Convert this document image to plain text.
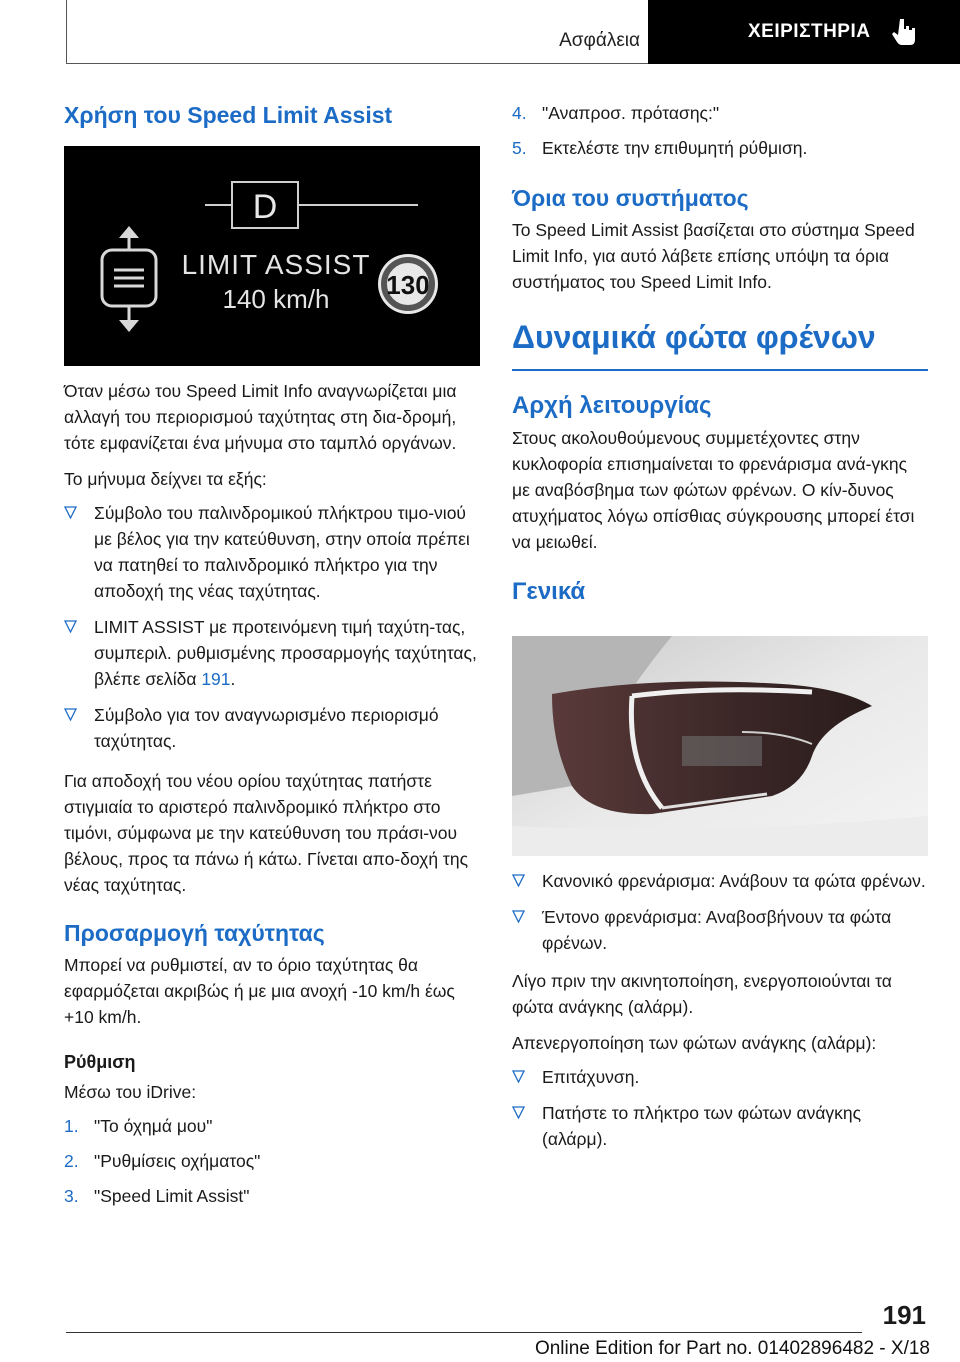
Ασφάλεια	ΧΕΙΡΙΣΤΗΡΙΑ
Χρήση του Speed Limit Assist
D
LIMIT ASSIST
140 km/h 130

Όταν μέσω του Speed Limit Info αναγνωρίζεται μια αλλαγή του περιορισμού ταχύτητας στη δια-δρομή, τότε εμφανίζεται ένα μήνυμα στο ταμπλό οργάνων.

Το μήνυμα δείχνει τα εξής:

Σύμβολο του παλινδρομικού πλήκτρου τιμο-νιού με βέλος για την κατεύθυνση, στην οποία πρέπει να πατηθεί το παλινδρομικό πλήκτρο για την αποδοχή της νέας ταχύτητας.
LIMIT ASSIST με προτεινόμενη τιμή ταχύτη-τας, συμπεριλ. ρυθμισμένης προσαρμογής ταχύτητας, βλέπε σελίδα 191.
Σύμβολο για τον αναγνωρισμένο περιορισμό ταχύτητας.

Για αποδοχή του νέου ορίου ταχύτητας πατήστε στιγμιαία το αριστερό παλινδρομικό πλήκτρο στο τιμόνι, σύμφωνα με την κατεύθυνση του πράσι-νου βέλους, προς τα πάνω ή κάτω. Γίνεται απο-δοχή της νέας ταχύτητας.

Προσαρμογή ταχύτητας

Μπορεί να ρυθμιστεί, αν το όριο ταχύτητας θα εφαρμόζεται ακριβώς ή με μια ανοχή -10 km/h έως +10 km/h.

Ρύθμιση

Μέσω του iDrive:

1. "Το όχημά μου"
2. "Ρυθμίσεις οχήματος"
3. "Speed Limit Assist"
4. "Αναπροσ. πρότασης:"
5. Εκτελέστε την επιθυμητή ρύθμιση.
Όρια του συστήματος

Το Speed Limit Assist βασίζεται στο σύστημα Speed Limit Info, για αυτό λάβετε επίσης υπόψη τα όρια συστήματος του Speed Limit Info.

Δυναμικά φώτα φρένων
Αρχή λειτουργίας

Στους ακολουθούμενους συμμετέχοντες στην κυκλοφορία επισημαίνεται το φρενάρισμα ανά-γκης με αναβόσβημα των φώτων φρένων. Ο κίν-δυνος ατυχήματος λόγω οπίσθιας σύγκρουσης μπορεί έτσι να μειωθεί.

Γενικά
Κανονικό φρενάρισμα: Ανάβουν τα φώτα φρένων.
Έντονο φρενάρισμα: Αναβοσβήνουν τα φώτα φρένων.

Λίγο πριν την ακινητοποίηση, ενεργοποιούνται τα φώτα ανάγκης (αλάρμ).

Απενεργοποίηση των φώτων ανάγκης (αλάρμ):

Επιτάχυνση.
Πατήστε το πλήκτρο των φώτων ανάγκης (αλάρμ).
191
Online Edition for Part no. 01402896482 - X/18
